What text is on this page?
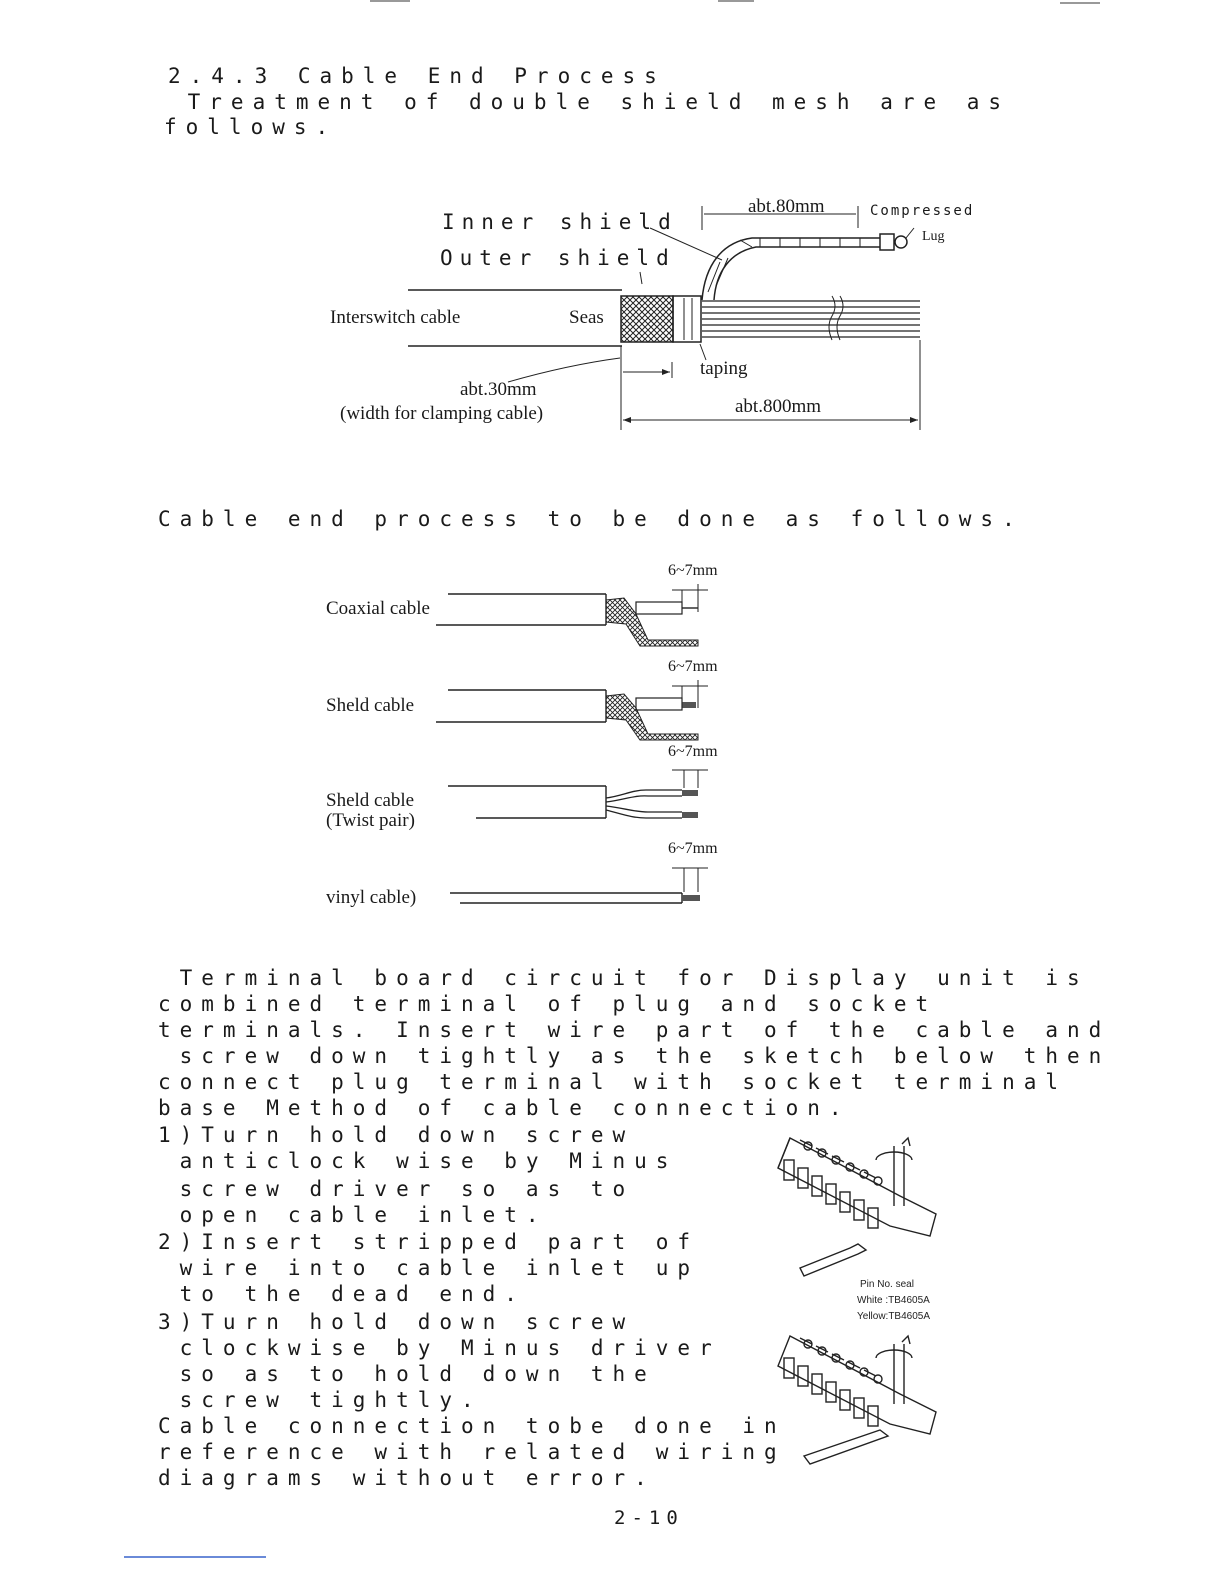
2.4.3 Cable End Process
Treatment of double shield mesh are as
follows.
Inner shield
Outer shield
abt.80mm	Compressed
Lug
Interswitch cable	Seas
taping
abt.30mm
(width for clamping cable)	abt.800mm
Cable end process to be done as follows.
6~7mm
Coaxial cable
6~7mm
Sheld cable
6~7mm
Sheld cable
(Twist pair)
6~7mm
vinyl cable)
Terminal board circuit for Display unit is
combined terminal of plug and socket
terminals. Insert wire part of the cable and
screw down tightly as the sketch below then
connect plug terminal with socket terminal
base Method of cable connection.
1)Turn hold down screw
anticlock wise by Minus
screw driver so as to
open cable inlet.
2)Insert stripped part of
wire into cable inlet up
to the dead end.
3)Turn hold down screw
clockwise by Minus driver
so as to hold down the
screw tightly.
Cable connection tobe done in
reference with related wiring
diagrams without error.
Pin No. seal
White :TB4605A
Yellow:TB4605A
2-10
